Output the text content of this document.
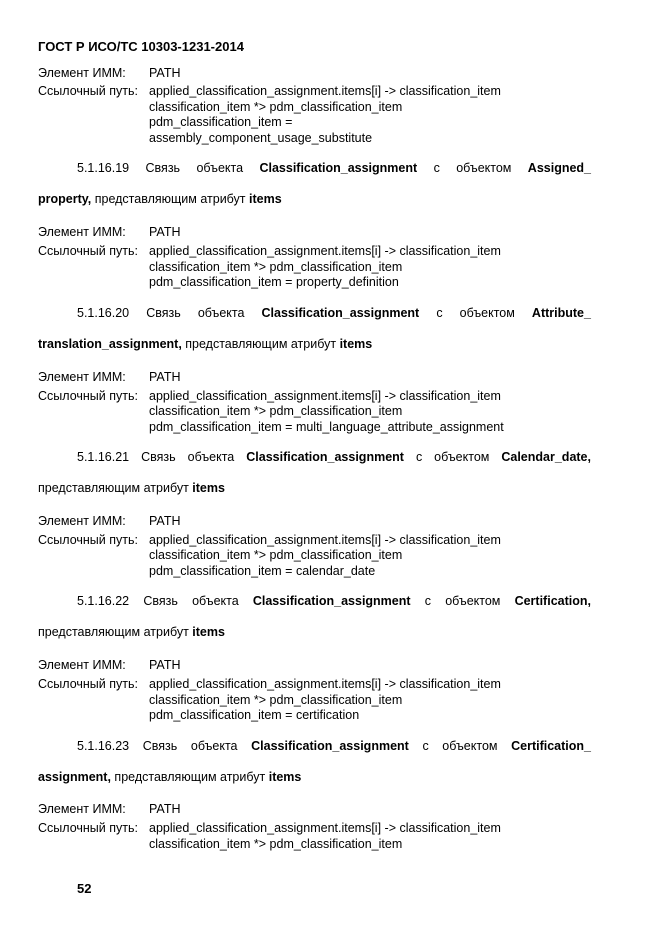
ГОСТ Р ИСО/ТС 10303-1231-2014
Элемент ИММ: PATH
Ссылочный путь: applied_classification_assignment.items[i] -> classification_item
classification_item *> pdm_classification_item
pdm_classification_item =
assembly_component_usage_substitute
5.1.16.19 Связь объекта Classification_assignment с объектом Assigned_
property, представляющим атрибут items
Элемент ИММ: PATH
Ссылочный путь: applied_classification_assignment.items[i] -> classification_item
classification_item *> pdm_classification_item
pdm_classification_item = property_definition
5.1.16.20 Связь объекта Classification_assignment с объектом Attribute_
translation_assignment, представляющим атрибут items
Элемент ИММ: PATH
Ссылочный путь: applied_classification_assignment.items[i] -> classification_item
classification_item *> pdm_classification_item
pdm_classification_item = multi_language_attribute_assignment
5.1.16.21 Связь объекта Classification_assignment с объектом Calendar_date,
представляющим атрибут items
Элемент ИММ: PATH
Ссылочный путь: applied_classification_assignment.items[i] -> classification_item
classification_item *> pdm_classification_item
pdm_classification_item = calendar_date
5.1.16.22 Связь объекта Classification_assignment с объектом Certification,
представляющим атрибут items
Элемент ИММ: PATH
Ссылочный путь: applied_classification_assignment.items[i] -> classification_item
classification_item *> pdm_classification_item
pdm_classification_item = certification
5.1.16.23 Связь объекта Classification_assignment с объектом Certification_
assignment, представляющим атрибут items
Элемент ИММ: PATH
Ссылочный путь: applied_classification_assignment.items[i] -> classification_item
classification_item *> pdm_classification_item
52
